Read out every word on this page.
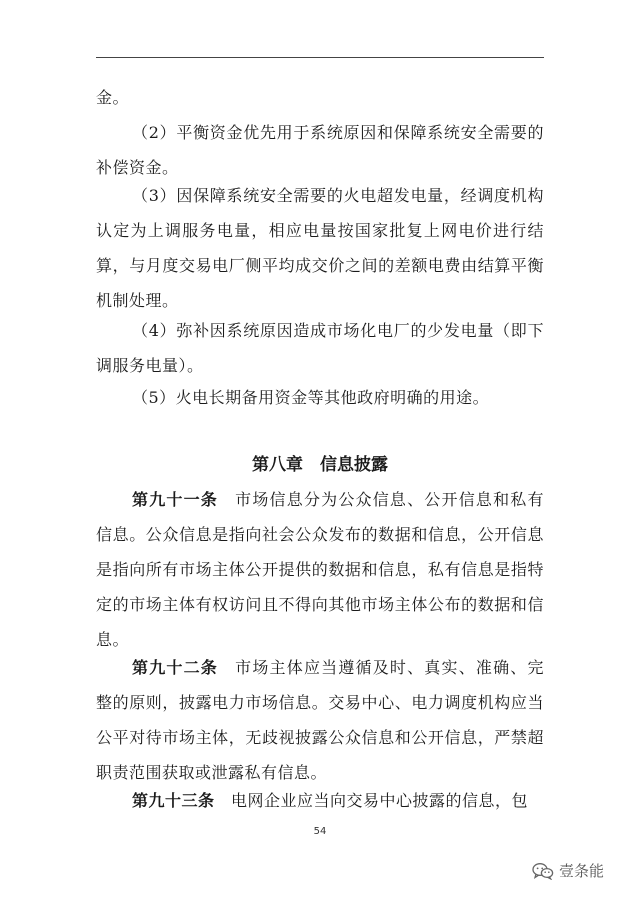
金。

（2）平衡资金优先用于系统原因和保障系统安全需要的补偿资金。

（3）因保障系统安全需要的火电超发电量，经调度机构认定为上调服务电量，相应电量按国家批复上网电价进行结算，与月度交易电厂侧平均成交价之间的差额电费由结算平衡机制处理。

（4）弥补因系统原因造成市场化电厂的少发电量（即下调服务电量）。

（5）火电长期备用资金等其他政府明确的用途。

第八章　信息披露

第九十一条　 市场信息分为公众信息、公开信息和私有信息。公众信息是指向社会公众发布的数据和信息，公开信息是指向所有市场主体公开提供的数据和信息，私有信息是指特定的市场主体有权访问且不得向其他市场主体公布的数据和信息。

第九十二条　 市场主体应当遵循及时、真实、准确、完整的原则，披露电力市场信息。交易中心、电力调度机构应当公平对待市场主体，无歧视披露公众信息和公开信息，严禁超职责范围获取或泄露私有信息。

第九十三条　 电网企业应当向交易中心披露的信息，包

54
壹条能
